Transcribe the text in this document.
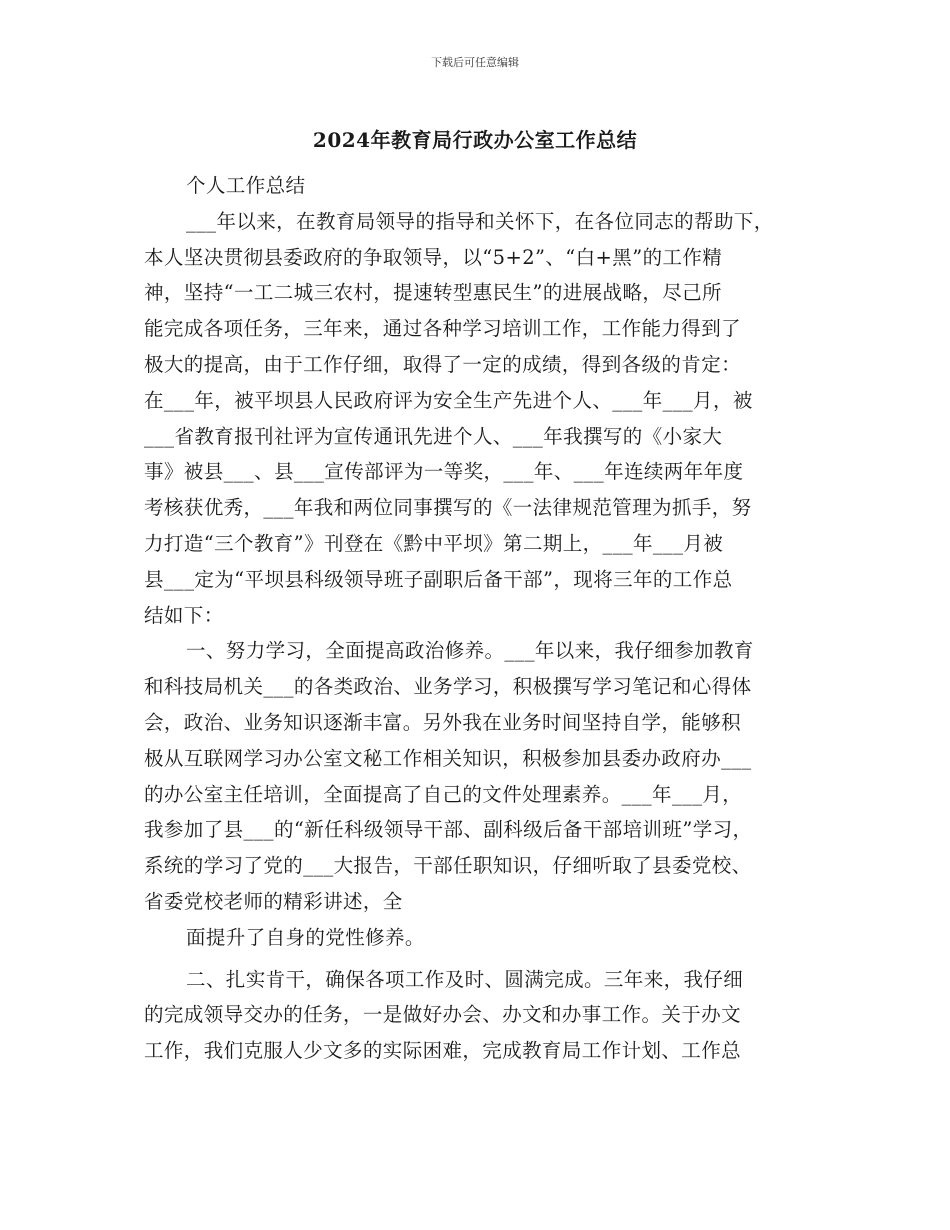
下载后可任意编辑
2024年教育局行政办公室工作总结
个人工作总结
___年以来，在教育局领导的指导和关怀下，在各位同志的帮助下，
本人坚决贯彻县委政府的争取领导，以“5+2”、“白+黑”的工作精
神，坚持“一工二城三农村，提速转型惠民生”的进展战略，尽己所
能完成各项任务，三年来，通过各种学习培训工作，工作能力得到了
极大的提高，由于工作仔细，取得了一定的成绩，得到各级的肯定：
在___年，被平坝县人民政府评为安全生产先进个人、___年___月，被
___省教育报刊社评为宣传通讯先进个人、___年我撰写的《小家大
事》被县___、县___宣传部评为一等奖，___年、___年连续两年年度
考核获优秀，___年我和两位同事撰写的《一法律规范管理为抓手，努
力打造“三个教育”》刊登在《黔中平坝》第二期上，___年___月被
县___定为“平坝县科级领导班子副职后备干部”，现将三年的工作总
结如下：
一、努力学习，全面提高政治修养。___年以来，我仔细参加教育
和科技局机关___的各类政治、业务学习，积极撰写学习笔记和心得体
会，政治、业务知识逐渐丰富。另外我在业务时间坚持自学，能够积
极从互联网学习办公室文秘工作相关知识，积极参加县委办政府办___
的办公室主任培训，全面提高了自己的文件处理素养。___年___月，
我参加了县___的“新任科级领导干部、副科级后备干部培训班”学习，
系统的学习了党的___大报告，干部任职知识，仔细听取了县委党校、
省委党校老师的精彩讲述，全
面提升了自身的党性修养。
二、扎实肯干，确保各项工作及时、圆满完成。三年来，我仔细
的完成领导交办的任务，一是做好办会、办文和办事工作。关于办文
工作，我们克服人少文多的实际困难，完成教育局工作计划、工作总
